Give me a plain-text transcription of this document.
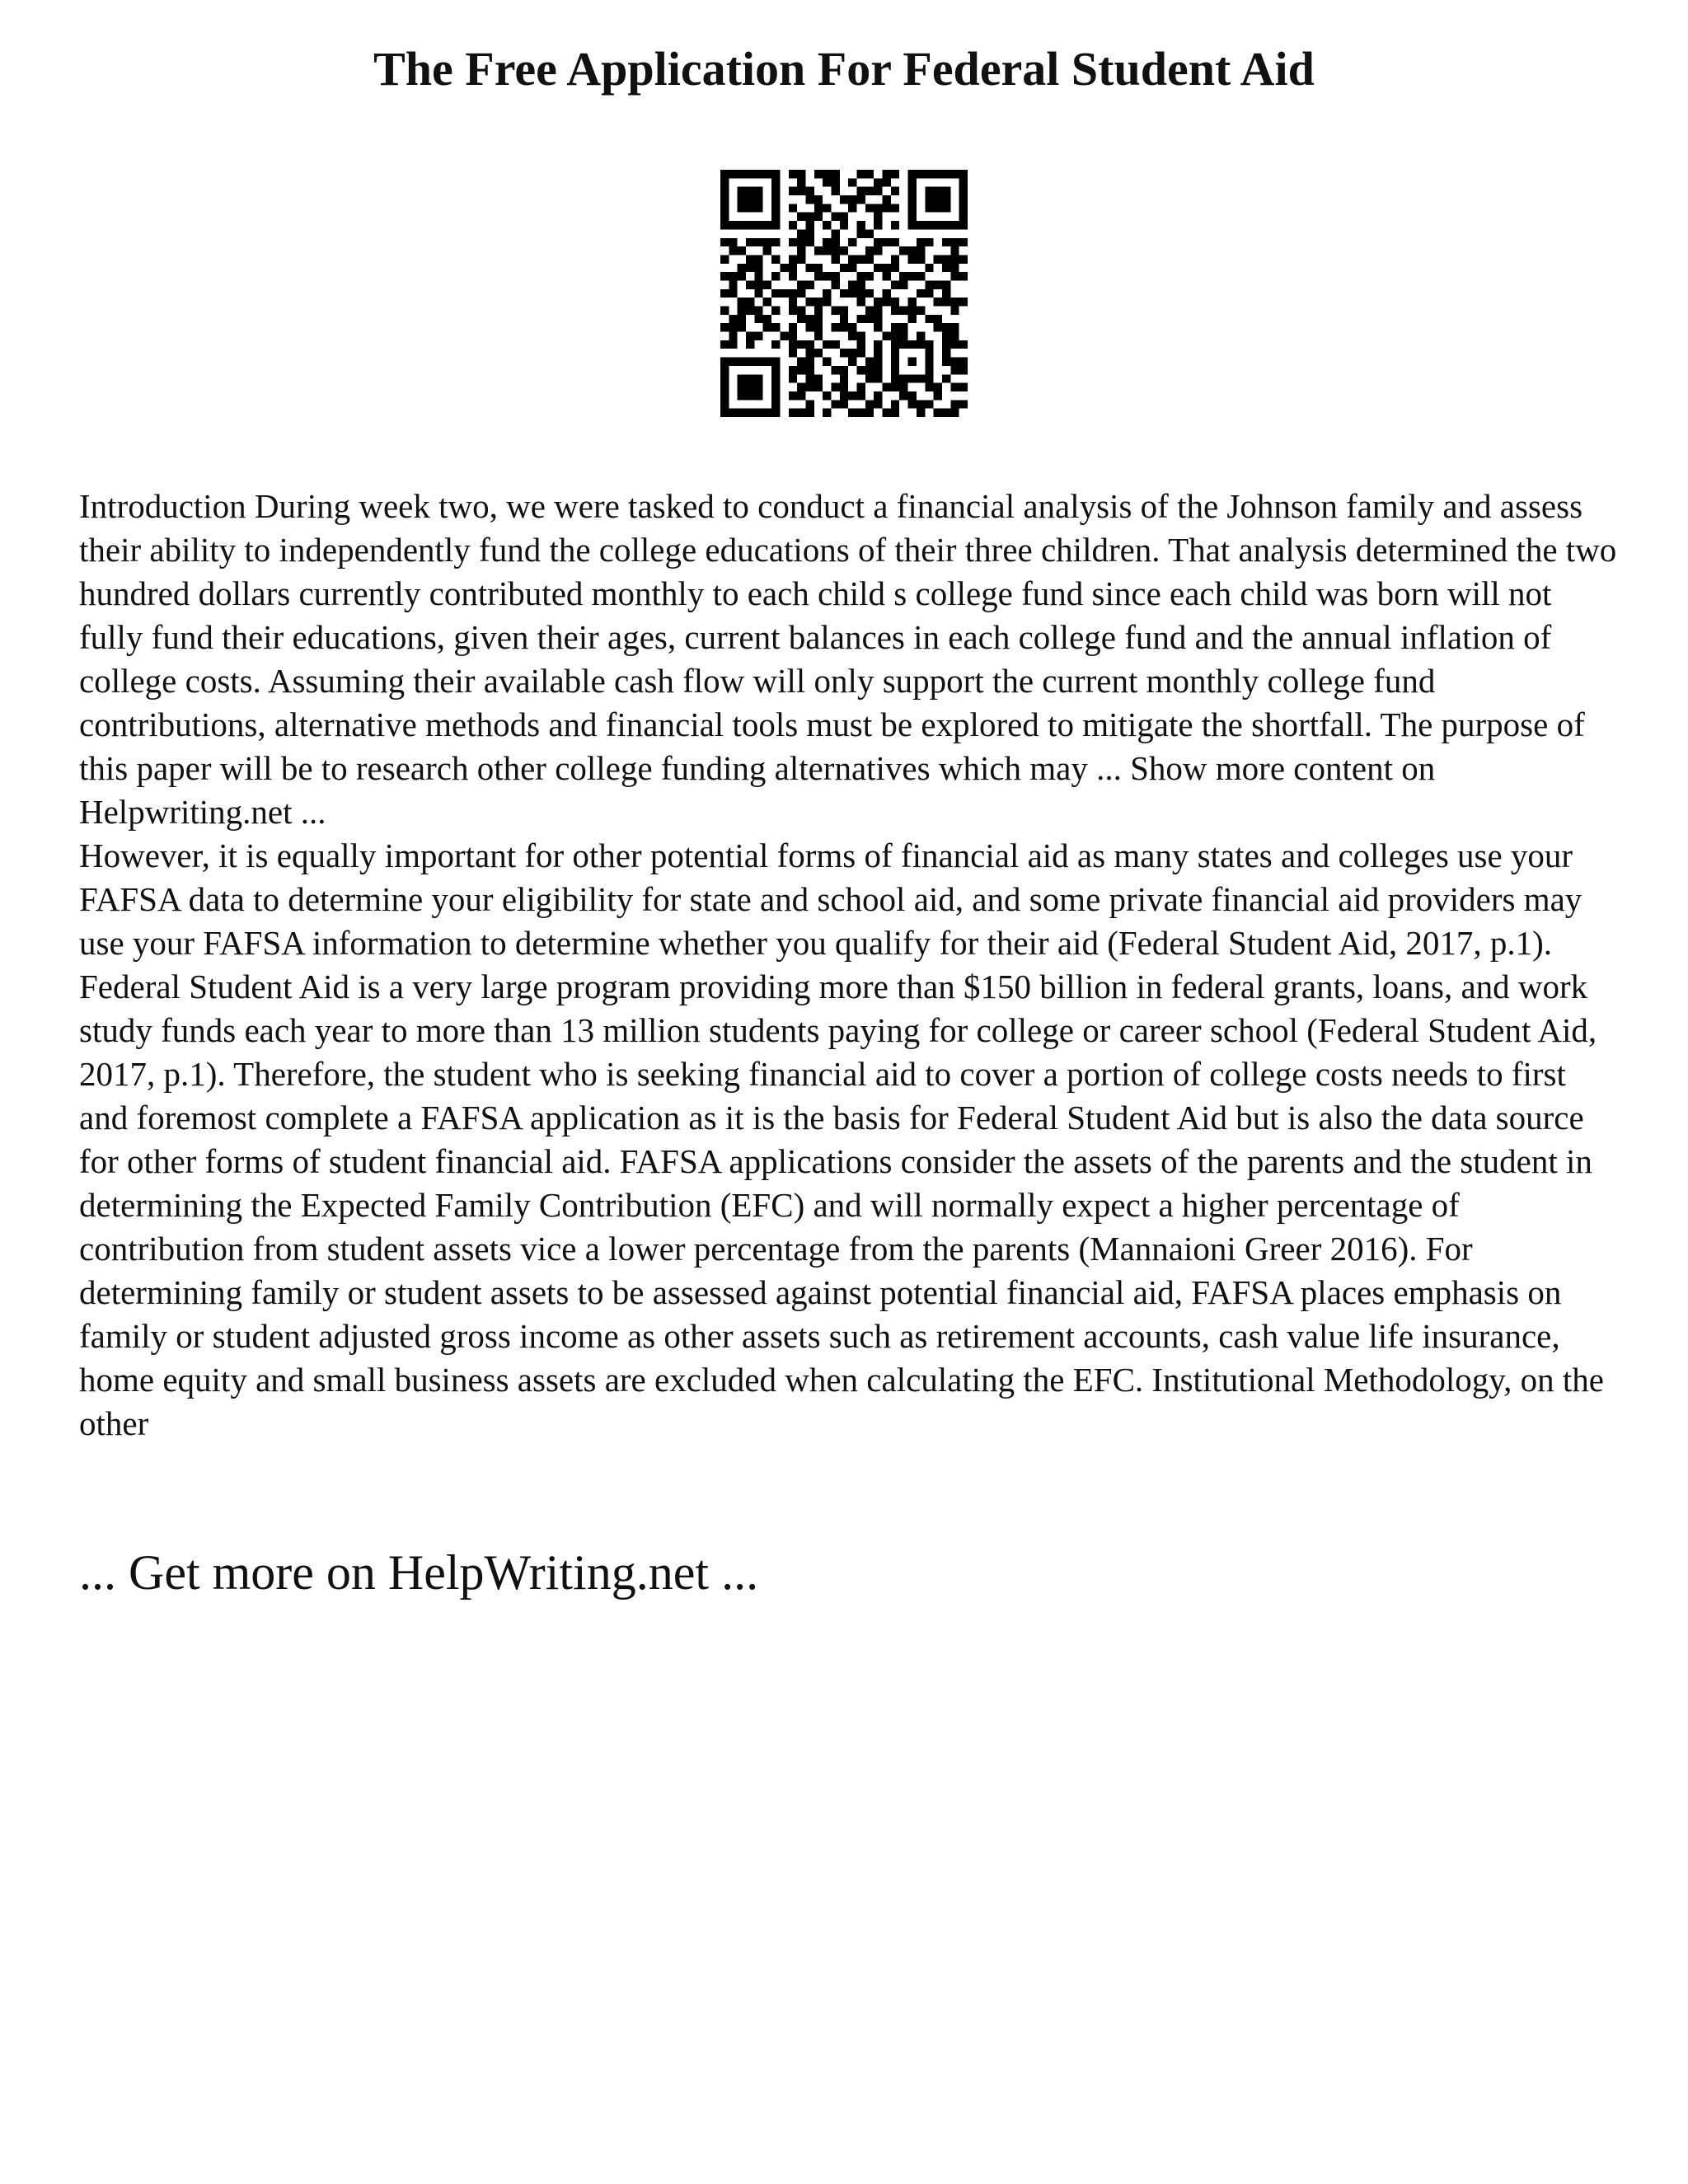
The Free Application For Federal Student Aid

Introduction During week two, we were tasked to conduct a financial analysis of the Johnson family and assess their ability to independently fund the college educations of their three children. That analysis determined the two hundred dollars currently contributed monthly to each child s college fund since each child was born will not fully fund their educations, given their ages, current balances in each college fund and the annual inflation of college costs. Assuming their available cash flow will only support the current monthly college fund contributions, alternative methods and financial tools must be explored to mitigate the shortfall. The purpose of this paper will be to research other college funding alternatives which may ... Show more content on Helpwriting.net ...

However, it is equally important for other potential forms of financial aid as many states and colleges use your FAFSA data to determine your eligibility for state and school aid, and some private financial aid providers may use your FAFSA information to determine whether you qualify for their aid (Federal Student Aid, 2017, p.1). Federal Student Aid is a very large program providing more than $150 billion in federal grants, loans, and work study funds each year to more than 13 million students paying for college or career school (Federal Student Aid, 2017, p.1). Therefore, the student who is seeking financial aid to cover a portion of college costs needs to first and foremost complete a FAFSA application as it is the basis for Federal Student Aid but is also the data source for other forms of student financial aid. FAFSA applications consider the assets of the parents and the student in determining the Expected Family Contribution (EFC) and will normally expect a higher percentage of contribution from student assets vice a lower percentage from the parents (Mannaioni Greer 2016). For determining family or student assets to be assessed against potential financial aid, FAFSA places emphasis on family or student adjusted gross income as other assets such as retirement accounts, cash value life insurance, home equity and small business assets are excluded when calculating the EFC. Institutional Methodology, on the other

... Get more on HelpWriting.net ...
